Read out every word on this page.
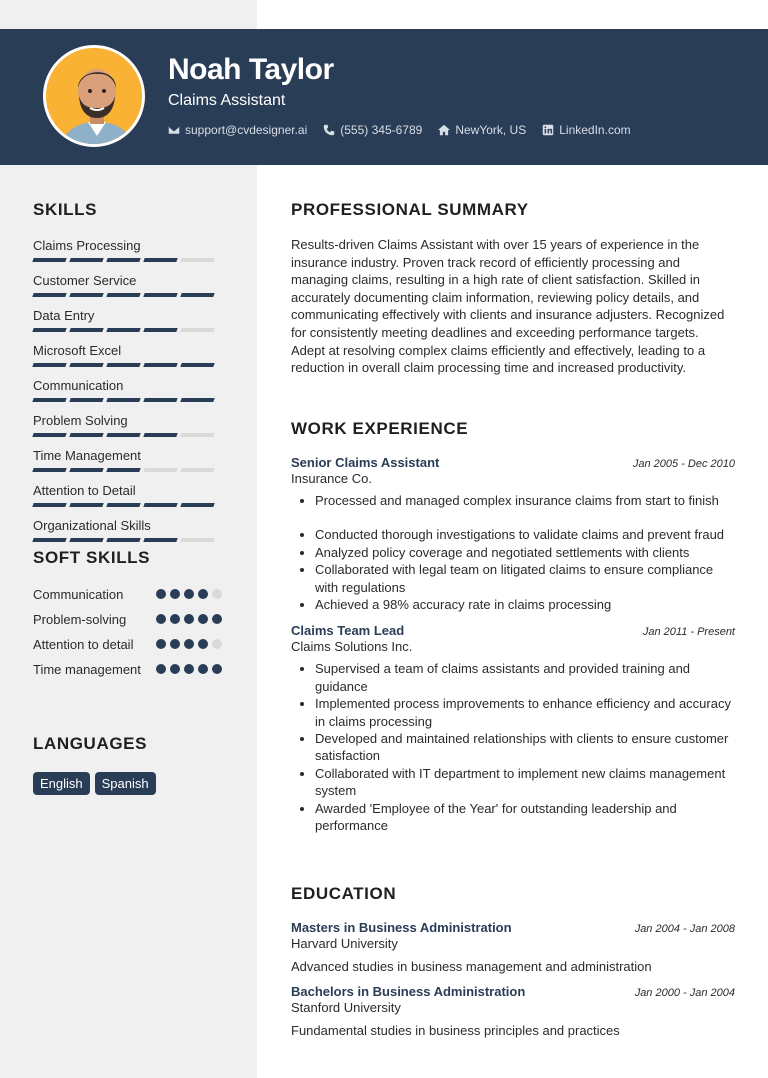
Noah Taylor
Claims Assistant
support@cvdesigner.ai	(555) 345-6789	NewYork, US	LinkedIn.com
SKILLS
Claims Processing
Customer Service
Data Entry
Microsoft Excel
Communication
Problem Solving
Time Management
Attention to Detail
Organizational Skills
SOFT SKILLS
Communication
Problem-solving
Attention to detail
Time management
LANGUAGES
English	Spanish
PROFESSIONAL SUMMARY

Results-driven Claims Assistant with over 15 years of experience in the insurance industry. Proven track record of efficiently processing and managing claims, resulting in a high rate of client satisfaction. Skilled in accurately documenting claim information, reviewing policy details, and communicating effectively with clients and insurance adjusters. Recognized for consistently meeting deadlines and exceeding performance targets. Adept at resolving complex claims efficiently and effectively, leading to a reduction in overall claim processing time and increased productivity.

WORK EXPERIENCE
Senior Claims Assistant	Jan 2005 - Dec 2010
Insurance Co.
• Processed and managed complex insurance claims from start to finish
• Conducted thorough investigations to validate claims and prevent fraud
• Analyzed policy coverage and negotiated settlements with clients
• Collaborated with legal team on litigated claims to ensure compliance with regulations
• Achieved a 98% accuracy rate in claims processing
Claims Team Lead	Jan 2011 - Present
Claims Solutions Inc.
• Supervised a team of claims assistants and provided training and guidance
• Implemented process improvements to enhance efficiency and accuracy in claims processing
• Developed and maintained relationships with clients to ensure customer satisfaction
• Collaborated with IT department to implement new claims management system
• Awarded 'Employee of the Year' for outstanding leadership and performance
EDUCATION
Masters in Business Administration	Jan 2004 - Jan 2008
Harvard University
Advanced studies in business management and administration
Bachelors in Business Administration	Jan 2000 - Jan 2004
Stanford University
Fundamental studies in business principles and practices
